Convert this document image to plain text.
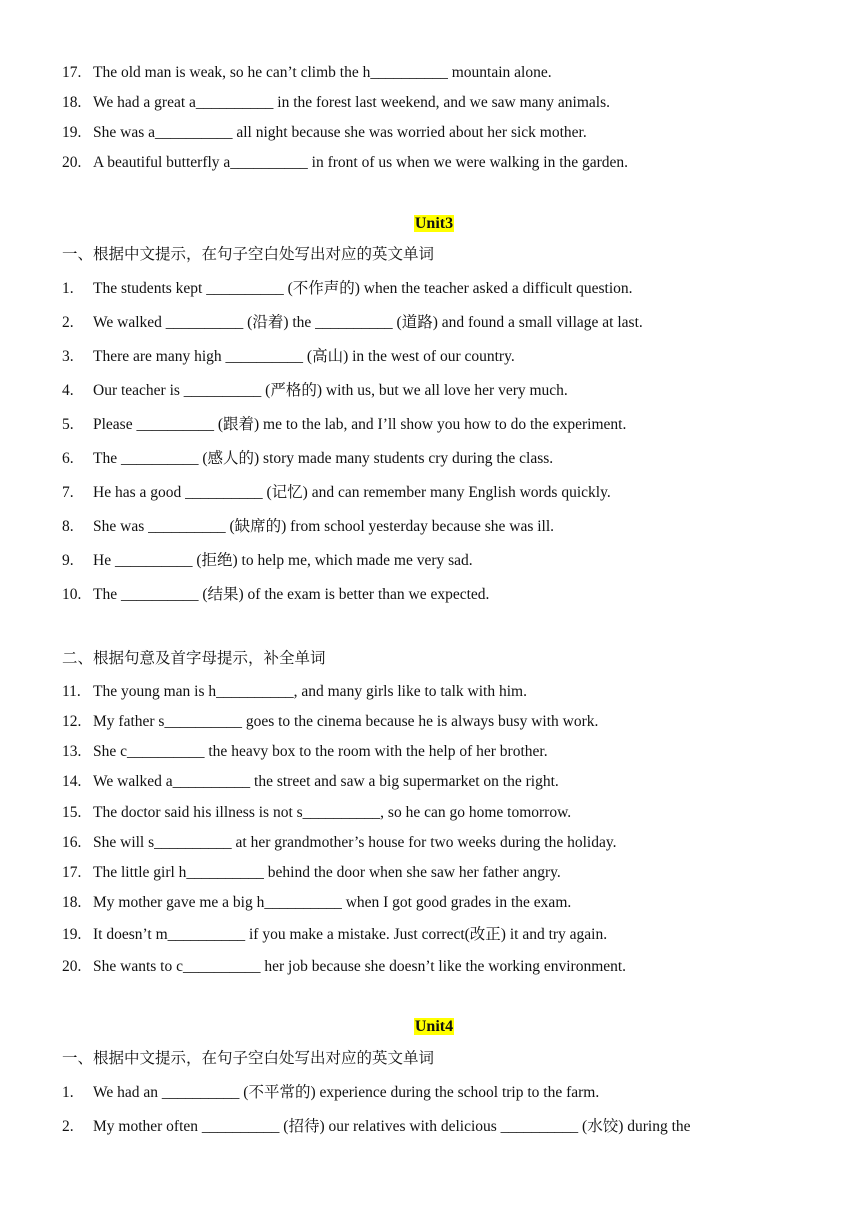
17. The old man is weak, so he can’t climb the h__________ mountain alone.
18. We had a great a__________ in the forest last weekend, and we saw many animals.
19. She was a__________ all night because she was worried about her sick mother.
20. A beautiful butterfly a__________ in front of us when we were walking in the garden.
Unit3
一、根据中文提示，在句子空白处写出对应的英文单词
1. The students kept __________ (不作声的) when the teacher asked a difficult question.
2. We walked __________ (沿着) the __________ (道路) and found a small village at last.
3. There are many high __________ (高山) in the west of our country.
4. Our teacher is __________ (严格的) with us, but we all love her very much.
5. Please __________ (跟着) me to the lab, and I’ll show you how to do the experiment.
6. The __________ (感人的) story made many students cry during the class.
7. He has a good __________ (记忆) and can remember many English words quickly.
8. She was __________ (缺席的) from school yesterday because she was ill.
9. He __________ (拒绝) to help me, which made me very sad.
10. The __________ (结果) of the exam is better than we expected.
二、根据句意及首字母提示，补全单词
11. The young man is h__________, and many girls like to talk with him.
12. My father s__________ goes to the cinema because he is always busy with work.
13. She c__________ the heavy box to the room with the help of her brother.
14. We walked a__________ the street and saw a big supermarket on the right.
15. The doctor said his illness is not s__________, so he can go home tomorrow.
16. She will s__________ at her grandmother’s house for two weeks during the holiday.
17. The little girl h__________ behind the door when she saw her father angry.
18. My mother gave me a big h__________ when I got good grades in the exam.
19. It doesn’t m__________ if you make a mistake. Just correct(改正) it and try again.
20. She wants to c__________ her job because she doesn’t like the working environment.
Unit4
一、根据中文提示，在句子空白处写出对应的英文单词
1. We had an __________ (不平常的) experience during the school trip to the farm.
2. My mother often __________ (招待) our relatives with delicious __________ (水饺) during the
